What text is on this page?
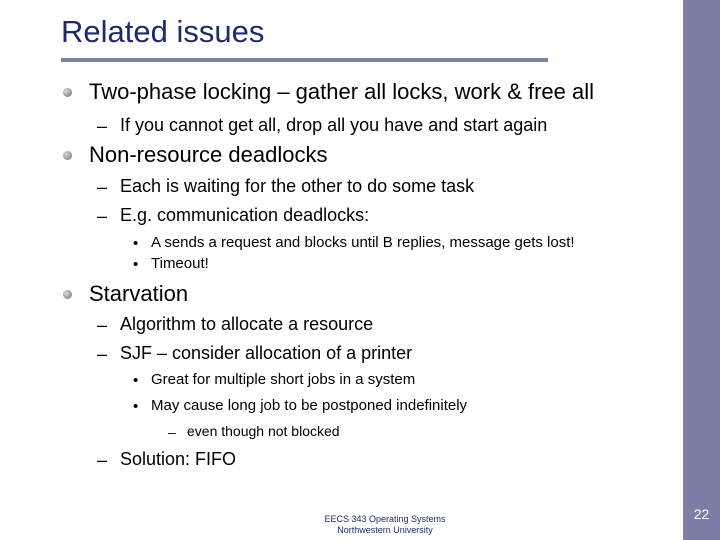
Related issues
Two-phase locking – gather all locks, work & free all
– If you cannot get all, drop all you have and start again
Non-resource deadlocks
– Each is waiting for the other to do some task
– E.g. communication deadlocks:
• A sends a request and blocks until B replies, message gets lost!
• Timeout!
Starvation
– Algorithm to allocate a resource
– SJF – consider allocation of a printer
• Great for multiple short jobs in a system
• May cause long job to be postponed indefinitely
– even though not blocked
– Solution: FIFO
EECS 343 Operating Systems
Northwestern University
22
